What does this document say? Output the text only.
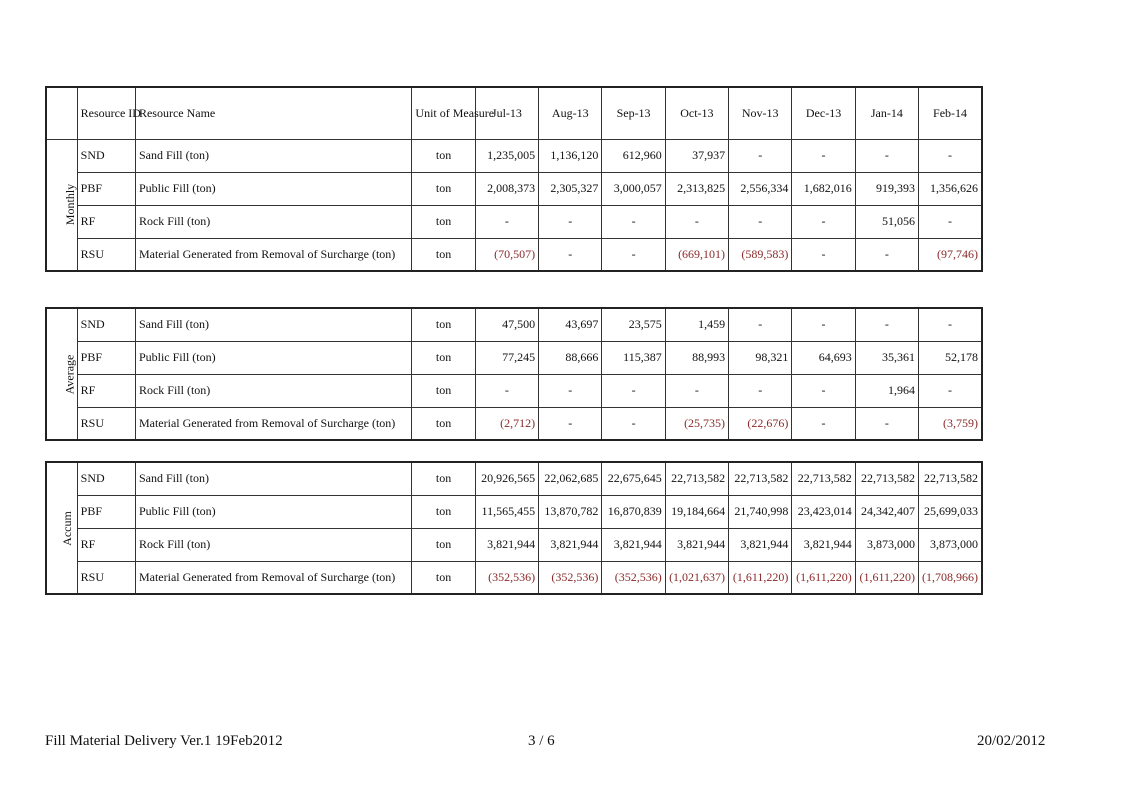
	Resource ID	Resource Name	Unit of Measure	Jul-13	Aug-13	Sep-13	Oct-13	Nov-13	Dec-13	Jan-14	Feb-14
Monthly	SND	Sand Fill (ton)	ton	1,235,005	1,136,120	612,960	37,937	-	-	-	-
	PBF	Public Fill (ton)	ton	2,008,373	2,305,327	3,000,057	2,313,825	2,556,334	1,682,016	919,393	1,356,626
	RF	Rock Fill (ton)	ton	-	-	-	-	-	-	51,056	-
	RSU	Material Generated from Removal of Surcharge (ton)	ton	(70,507)	-	-	(669,101)	(589,583)	-	-	(97,746)
Average	SND	Sand Fill (ton)	ton	47,500	43,697	23,575	1,459	-	-	-	-
	PBF	Public Fill (ton)	ton	77,245	88,666	115,387	88,993	98,321	64,693	35,361	52,178
	RF	Rock Fill (ton)	ton	-	-	-	-	-	-	1,964	-
	RSU	Material Generated from Removal of Surcharge (ton)	ton	(2,712)	-	-	(25,735)	(22,676)	-	-	(3,759)
Accum	SND	Sand Fill (ton)	ton	20,926,565	22,062,685	22,675,645	22,713,582	22,713,582	22,713,582	22,713,582	22,713,582
	PBF	Public Fill (ton)	ton	11,565,455	13,870,782	16,870,839	19,184,664	21,740,998	23,423,014	24,342,407	25,699,033
	RF	Rock Fill (ton)	ton	3,821,944	3,821,944	3,821,944	3,821,944	3,821,944	3,821,944	3,873,000	3,873,000
	RSU	Material Generated from Removal of Surcharge (ton)	ton	(352,536)	(352,536)	(352,536)	(1,021,637)	(1,611,220)	(1,611,220)	(1,611,220)	(1,708,966)
Fill Material Delivery Ver.1 19Feb2012	3 / 6	20/02/2012
